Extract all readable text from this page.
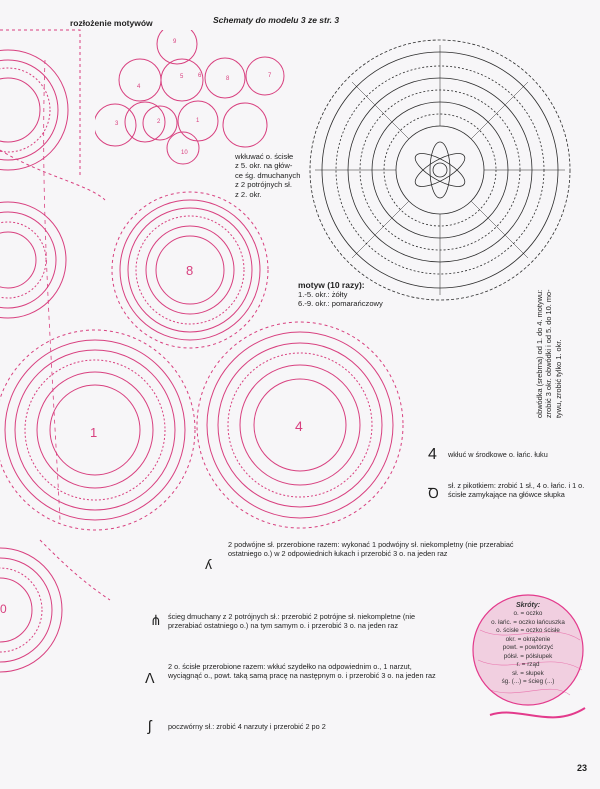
rozłożenie motywów	Schematy do modelu 3 ze str. 3
8
1	4
0
9
5 6	7
8
4
1
2
3
10	wkłuwać o. ścisłe
z 5. okr. na głów-
ce śg. dmuchanych
z 2 potrójnych sł.
z 2. okr.
motyw (10 razy):
1.-5. okr.: żółty
6.-9. okr.: pomarańczowy	obwódka (srebrna) od 1. do 4. motywu: zrobić 3 okr. obwódki i od 5. do 10. mo- tywu, zrobić tylko 1. okr.
4 wkłuć w środkowe o. łańc. łuku
Ꝺ sł. z pikotkiem: zrobić 1 sł., 4 o. łańc. i 1 o. ścisłe zamykające na główce słupka
ʎ
2 podwójne sł. przerobione razem: wykonać 1 podwójny sł. niekompletny (nie przerabiać ostatniego o.) w 2 odpowiednich łukach i przerobić 3 o. na jeden raz
⋔ ścieg dmuchany z 2 potrójnych sł.: przerobić 2 potrójne sł. niekompletne (nie przerabiać ostatniego o.) na tym samym o. i przerobić 3 o. na jeden raz
ᐱ
2 o. ścisłe przerobione razem: wkłuć szydełko na odpowiednim o., 1 narzut, wyciągnąć o., powt. taką samą pracę na następnym o. i przerobić 3 o. na jeden raz
ʃ poczwórny sł.: zrobić 4 narzuty i przerobić 2 po 2
Skróty:
o. = oczko
o. łańc. = oczko łańcuszka
o. ścisłe = oczko ścisłe
okr. = okrążenie
powt. = powtórzyć
półsł. = półsłupek
r. = rząd
sł. = słupek
śg. (...) = ścieg (...)
23
